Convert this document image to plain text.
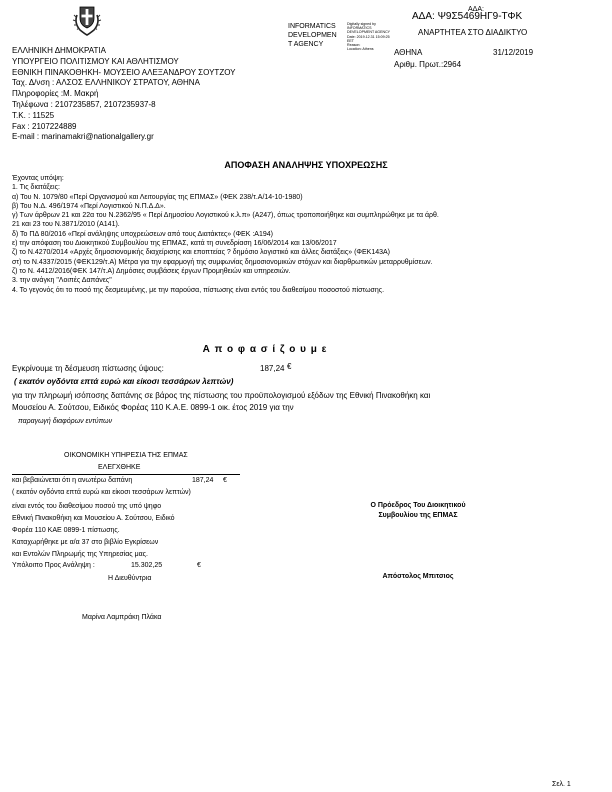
INFORMATICS
DEVELOPMEN
T AGENCY
Digitally signed by
INFORMATICS
DEVELOPMENT AGENCY
Date: 2019.12.31 15:09:25
EET
Reason:
Location: Athens
ΑΔΑ:
ΑΔΑ: Ψ9Σ5469ΗΓ9-ΤΦΚ
ΑΝΑΡΤΗΤΕΑ ΣΤΟ ΔΙΑΔΙΚΤΥΟ
ΑΘΗΝΑ	31/12/2019
Αριθμ. Πρωτ.:2964
ΕΛΛΗΝΙΚΗ ΔΗΜΟΚΡΑΤΙΑ
ΥΠΟΥΡΓΕΙΟ ΠΟΛΙΤΙΣΜΟΥ ΚΑΙ ΑΘΛΗΤΙΣΜΟΥ
ΕΘΝΙΚΗ ΠΙΝΑΚΟΘΗΚΗ- ΜΟΥΣΕΙΟ ΑΛΕΞΑΝΔΡΟΥ ΣΟΥΤΖΟΥ
Ταχ. Δ/νση : ΑΛΣΟΣ ΕΛΛΗΝΙΚΟΥ ΣΤΡΑΤΟΥ, ΑΘΗΝΑ
Πληροφορίες :Μ. Μακρή
Τηλέφωνα : 2107235857, 2107235937-8
Τ.Κ. : 11525
Fax : 2107224889
E-mail : marinamakri@nationalgallery.gr
ΑΠΟΦΑΣΗ ΑΝΑΛΗΨΗΣ ΥΠΟΧΡΕΩΣΗΣ
Έχοντας υπόψη:
1. Τις διατάξεις:
α) Του Ν. 1079/80 «Περί Οργανισμού και Λειτουργίας της ΕΠΜΑΣ» (ΦΕΚ 238/τ.Α/14-10-1980)
β) Του Ν.Δ. 496/1974 «Περί Λογιστικού Ν.Π.Δ.Δ».
γ) Των άρθρων 21 και 22α του Ν.2362/95 « Περί Δημοσίου Λογιστικού κ.λ.π» (Α247), όπως τροποποιήθηκε και συμπληρώθηκε με τα άρθ.
21 και 23 του Ν.3871/2010 (Α141).
δ) Το ΠΔ 80/2016 «Περί ανάληψης υποχρεώσεων από τους Διατάκτες» (ΦΕΚ :Α194)
ε) την απόφαση του Διοικητικού Συμβουλίου της ΕΠΜΑΣ, κατά τη συνεδρίαση 16/06/2014 και 13/06/2017
ζ) το Ν.4270/2014 «Αρχές δημοσιονομικής διαχείρισης και εποπτείας ? δημόσιο λογιστικό και άλλες διατάξεις» (ΦΕΚ143Α)
στ) το Ν.4337/2015 (ΦΕΚ129/τ.Α) Μέτρα για την εφαρμογή της συμφωνίας δημοσιονομικών στόχων και διαρθρωτικών μεταρρυθμίσεων.
ζ) το Ν. 4412/2016(ΦΕΚ 147/τ.Α) Δημόσιες συμβάσεις έργων Προμηθειών και υπηρεσιών.
3. την ανάγκη "Λοιπές Δαπάνες"
4. Το γεγονός ότι το ποσό της δεσμευμένης, με την παρούσα, πίστωσης είναι εντός του διαθεσίμου ποσοστού πίστωσης.
Α π ο φ α σ ί ζ ο υ μ ε
Εγκρίνουμε τη δέσμευση πίστωσης ύψους:	187,24 €
( εκατόν ογδόντα επτά ευρώ και είκοσι τεσσάρων λεπτών)
για την πληρωμή ισόποσης δαπάνης σε βάρος της πίστωσης του προϋπολογισμού εξόδων της Εθνική Πινακοθήκη και
Μουσείου Α. Σούτσου, Ειδικός Φορέας 110 Κ.Α.Ε. 0899-1 οικ. έτος 2019 για την
παραγωγή διαφόρων εντύπων
ΟΙΚΟΝΟΜΙΚΗ ΥΠΗΡΕΣΙΑ ΤΗΣ ΕΠΜΑΣ
ΕΛΕΓΧΘΗΚΕ
και βεβαιώνεται ότι η ανωτέρω δαπάνη	187,24 €
( εκατόν ογδόντα επτά ευρώ και είκοσι τεσσάρων λεπτών)
είναι εντός του διαθεσίμου ποσού της υπό ψηφο
Εθνική Πινακοθήκη και Μουσείου Α. Σούτσου, Ειδικό
Φορέα 110 ΚΑΕ 0899-1 πίστωσης.
Καταχωρήθηκε με α/α 37 στο βιβλίο Εγκρίσεων
και Εντολών Πληρωμής της Υπηρεσίας μας.
Υπόλοιπο Προς Ανάληψη :	15.302,25	€
Η Διευθύντρια
Μαρίνα Λαμπράκη Πλάκα
Ο Πρόεδρος Του Διοικητικού
Συμβουλίου της ΕΠΜΑΣ
Απόστολος Μπιτσιος
Σελ. 1
